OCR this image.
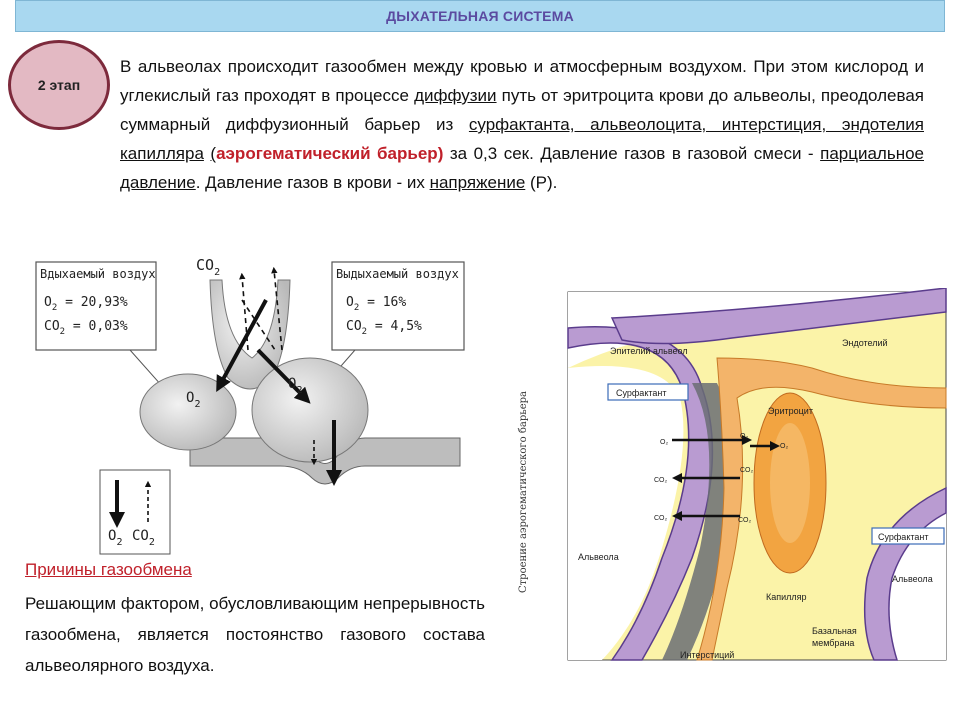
ДЫХАТЕЛЬНАЯ СИСТЕМА
2 этап

В альвеолах происходит газообмен между кровью и атмосферным воздухом. При этом кислород и углекислый газ проходят в процессе диффузии путь от эритроцита крови до альвеолы, преодолевая суммарный диффузионный барьер из сурфактанта, альвеолоцита, интерстиция, эндотелия капилляра (аэрогематический барьер) за 0,3 сек. Давление газов в газовой смеси - парциальное давление. Давление газов в крови - их напряжение (P).

Вдыхаемый воздух
$O_2 = 20,93\%$
$CO_2 = 0,03\%$
Выдыхаемый воздух
$O_2 = 16\%$
$CO_2 = 4,5\%$
$CO_2$
$O_2$
$O_2$
$O_2$ $CO_2$

Причины газообмена

Решающим фактором, обусловливающим непрерывность газообмена, является постоянство газового состава альвеолярного воздуха.

Строение аэрогематического барьера
Эпителий альвеол
Эндотелий
Сурфактант
Эритроцит
Сурфактант
Альвеола
Альвеола
Капилляр
Базальная
мембрана
Интерстиций
O₂
O₂
O₂
CO₂
CO₂
CO₂	CO₂
